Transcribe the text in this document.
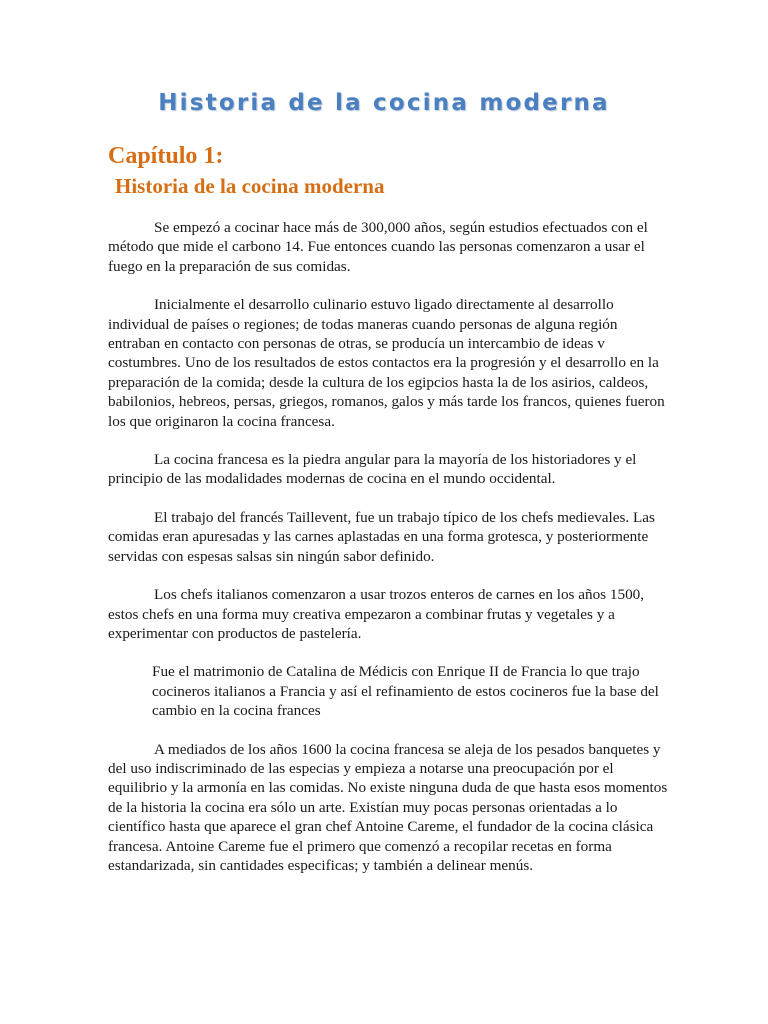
Historia de la cocina moderna
Capítulo 1:
Historia de la cocina moderna

Se empezó a cocinar hace más de 300,000 años, según estudios efectuados con el método que mide el carbono 14. Fue entonces cuando las personas comenzaron a usar el fuego en la preparación de sus comidas.

Inicialmente el desarrollo culinario estuvo ligado directamente al desarrollo individual de países o regiones; de todas maneras cuando personas de alguna región entraban en contacto con personas de otras, se producía un intercambio de ideas v costumbres. Uno de los resultados de estos contactos era la progresión y el desarrollo en la preparación de la comida; desde la cultura de los egipcios hasta la de los asirios, caldeos, babilonios, hebreos, persas, griegos, romanos, galos y más tarde los francos, quienes fueron los que originaron la cocina francesa.

La cocina francesa es la piedra angular para la mayoría de los historiadores y el principio de las modalidades modernas de cocina en el mundo occidental.

El trabajo del francés Taillevent, fue un trabajo típico de los chefs medievales. Las comidas eran apuresadas y las carnes aplastadas en una forma grotesca, y posteriormente servidas con espesas salsas sin ningún sabor definido.

Los chefs italianos comenzaron a usar trozos enteros de carnes en los años 1500, estos chefs en una forma muy creativa empezaron a combinar frutas y vegetales y a experimentar con productos de pastelería.

Fue el matrimonio de Catalina de Médicis con Enrique II de Francia lo que trajo cocineros italianos a Francia y así el refinamiento de estos cocineros fue la base del cambio en la cocina frances

A mediados de los años 1600 la cocina francesa se aleja de los pesados banquetes y del uso indiscriminado de las especias y empieza a notarse una preocupación por el equilibrio y la armonía en las comidas. No existe ninguna duda de que hasta esos momentos de la historia la cocina era sólo un arte. Existían muy pocas personas orientadas a lo científico hasta que aparece el gran chef Antoine Careme, el fundador de la cocina clásica francesa. Antoine Careme fue el primero que comenzó a recopilar recetas en forma estandarizada, sin cantidades especificas; y también a delinear menús.
